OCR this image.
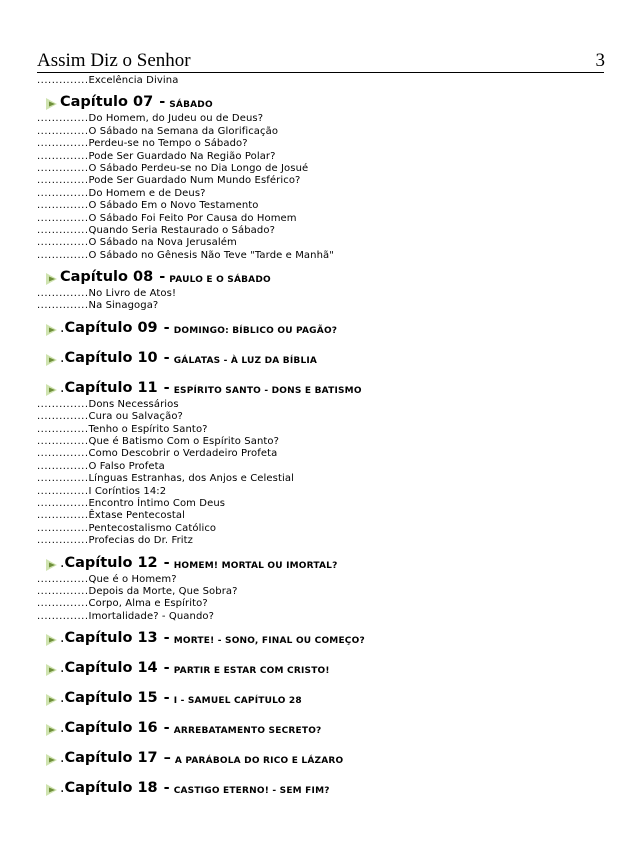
Assim Diz o Senhor	3
..............Excelência Divina
Capítulo 07 - SÁBADO
..............Do Homem, do Judeu ou de Deus?
..............O Sábado na Semana da Glorificação
..............Perdeu-se no Tempo o Sábado?
..............Pode Ser Guardado Na Região Polar?
..............O Sábado Perdeu-se no Dia Longo de Josué
..............Pode Ser Guardado Num Mundo Esférico?
..............Do Homem e de Deus?
..............O Sábado Em o Novo Testamento
..............O Sábado Foi Feito Por Causa do Homem
..............Quando Seria Restaurado o Sábado?
..............O Sábado na Nova Jerusalém
..............O Sábado no Gênesis Não Teve "Tarde e Manhã"
Capítulo 08 - PAULO E O SÁBADO
..............No Livro de Atos!
..............Na Sinagoga?
. Capítulo 09 - DOMINGO: BÍBLICO OU PAGÃO?
. Capítulo 10 - GÁLATAS - À LUZ DA BÍBLIA
. Capítulo 11 - ESPÍRITO SANTO - DONS E BATISMO
..............Dons Necessários
..............Cura ou Salvação?
..............Tenho o Espírito Santo?
..............Que é Batismo Com o Espírito Santo?
..............Como Descobrir o Verdadeiro Profeta
..............O Falso Profeta
..............Línguas Estranhas, dos Anjos e Celestial
..............I Coríntios 14:2
..............Encontro Íntimo Com Deus
..............Êxtase Pentecostal
..............Pentecostalismo Católico
..............Profecias do Dr. Fritz
. Capítulo 12 - HOMEM! MORTAL OU IMORTAL?
..............Que é o Homem?
..............Depois da Morte, Que Sobra?
..............Corpo, Alma e Espírito?
..............Imortalidade? - Quando?
. Capítulo 13 - MORTE! - SONO, FINAL OU COMEÇO?
. Capítulo 14 - PARTIR E ESTAR COM CRISTO!
. Capítulo 15 - I - SAMUEL CAPÍTULO 28
. Capítulo 16 - ARREBATAMENTO SECRETO?
. Capítulo 17 – A PARÁBOLA DO RICO E LÁZARO
. Capítulo 18 - CASTIGO ETERNO! - SEM FIM?
